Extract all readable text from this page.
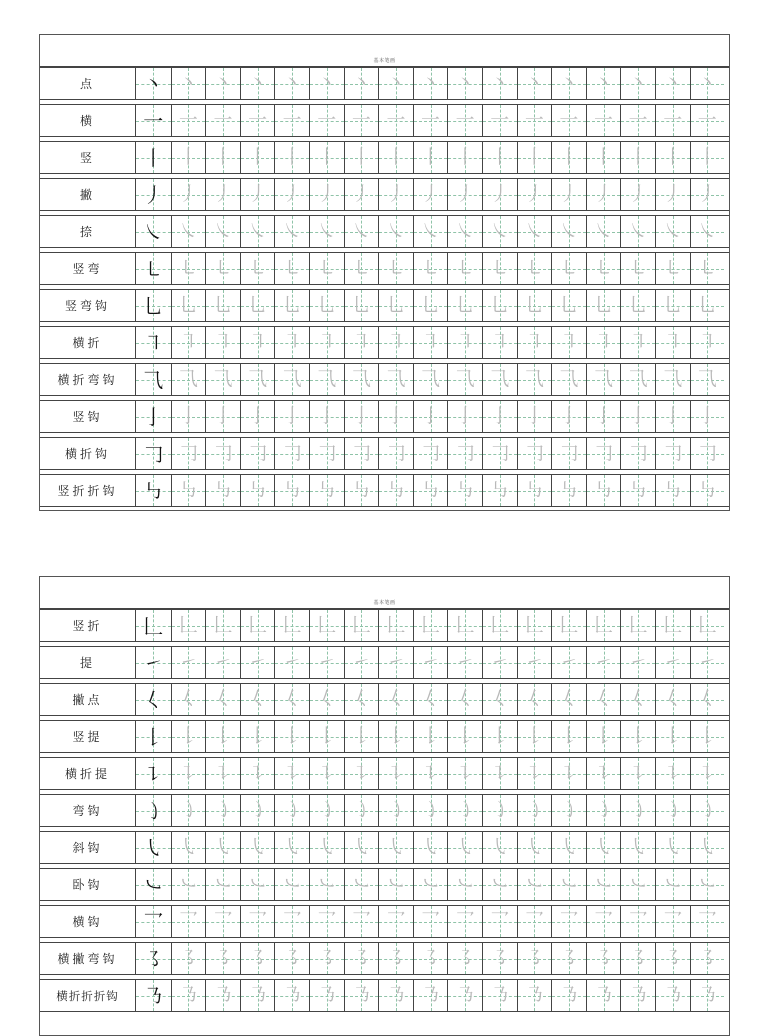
基本笔画
点	丶 丶 丶 丶 丶 丶 丶 丶 丶 丶 丶 丶 丶 丶 丶 丶 丶
横	一 一 一 一 一 一 一 一 一 一 一 一 一 一 一 一 一
竖	丨 丨 丨 丨 丨 丨 丨 丨 丨 丨 丨 丨 丨 丨 丨 丨 丨
撇	丿 丿 丿 丿 丿 丿 丿 丿 丿 丿 丿 丿 丿 丿 丿 丿 丿
捺	㇏ ㇏ ㇏ ㇏ ㇏ ㇏ ㇏ ㇏ ㇏ ㇏ ㇏ ㇏ ㇏ ㇏ ㇏ ㇏ ㇏
竖弯	㇄ ㇄ ㇄ ㇄ ㇄ ㇄ ㇄ ㇄ ㇄ ㇄ ㇄ ㇄ ㇄ ㇄ ㇄ ㇄ ㇄
竖弯钩	乚 乚 乚 乚 乚 乚 乚 乚 乚 乚 乚 乚 乚 乚 乚 乚 乚
横折	㇕ ㇕ ㇕ ㇕ ㇕ ㇕ ㇕ ㇕ ㇕ ㇕ ㇕ ㇕ ㇕ ㇕ ㇕ ㇕ ㇕
横折弯钩	⺄ ⺄ ⺄ ⺄ ⺄ ⺄ ⺄ ⺄ ⺄ ⺄ ⺄ ⺄ ⺄ ⺄ ⺄ ⺄ ⺄
竖钩	亅 亅 亅 亅 亅 亅 亅 亅 亅 亅 亅 亅 亅 亅 亅 亅 亅
横折钩	𠃌 𠃌 𠃌 𠃌 𠃌 𠃌 𠃌 𠃌 𠃌 𠃌 𠃌 𠃌 𠃌 𠃌 𠃌 𠃌 𠃌
竖折折钩	㇉ ㇉ ㇉ ㇉ ㇉ ㇉ ㇉ ㇉ ㇉ ㇉ ㇉ ㇉ ㇉ ㇉ ㇉ ㇉ ㇉
基本笔画
竖折	𠃊 𠃊 𠃊 𠃊 𠃊 𠃊 𠃊 𠃊 𠃊 𠃊 𠃊 𠃊 𠃊 𠃊 𠃊 𠃊 𠃊
提	㇀ ㇀ ㇀ ㇀ ㇀ ㇀ ㇀ ㇀ ㇀ ㇀ ㇀ ㇀ ㇀ ㇀ ㇀ ㇀ ㇀
撇点	𡿨 𡿨 𡿨 𡿨 𡿨 𡿨 𡿨 𡿨 𡿨 𡿨 𡿨 𡿨 𡿨 𡿨 𡿨 𡿨 𡿨
竖提	𠄌 𠄌 𠄌 𠄌 𠄌 𠄌 𠄌 𠄌 𠄌 𠄌 𠄌 𠄌 𠄌 𠄌 𠄌 𠄌 𠄌
横折提	㇊ ㇊ ㇊ ㇊ ㇊ ㇊ ㇊ ㇊ ㇊ ㇊ ㇊ ㇊ ㇊ ㇊ ㇊ ㇊ ㇊
弯钩	㇁ ㇁ ㇁ ㇁ ㇁ ㇁ ㇁ ㇁ ㇁ ㇁ ㇁ ㇁ ㇁ ㇁ ㇁ ㇁ ㇁
斜钩	㇂ ㇂ ㇂ ㇂ ㇂ ㇂ ㇂ ㇂ ㇂ ㇂ ㇂ ㇂ ㇂ ㇂ ㇂ ㇂ ㇂
卧钩	㇃ ㇃ ㇃ ㇃ ㇃ ㇃ ㇃ ㇃ ㇃ ㇃ ㇃ ㇃ ㇃ ㇃ ㇃ ㇃ ㇃
横钩	乛 乛 乛 乛 乛 乛 乛 乛 乛 乛 乛 乛 乛 乛 乛 乛 乛
横撇弯钩	㇌ ㇌ ㇌ ㇌ ㇌ ㇌ ㇌ ㇌ ㇌ ㇌ ㇌ ㇌ ㇌ ㇌ ㇌ ㇌ ㇌
横折折折钩	㇡ ㇡ ㇡ ㇡ ㇡ ㇡ ㇡ ㇡ ㇡ ㇡ ㇡ ㇡ ㇡ ㇡ ㇡ ㇡ ㇡
